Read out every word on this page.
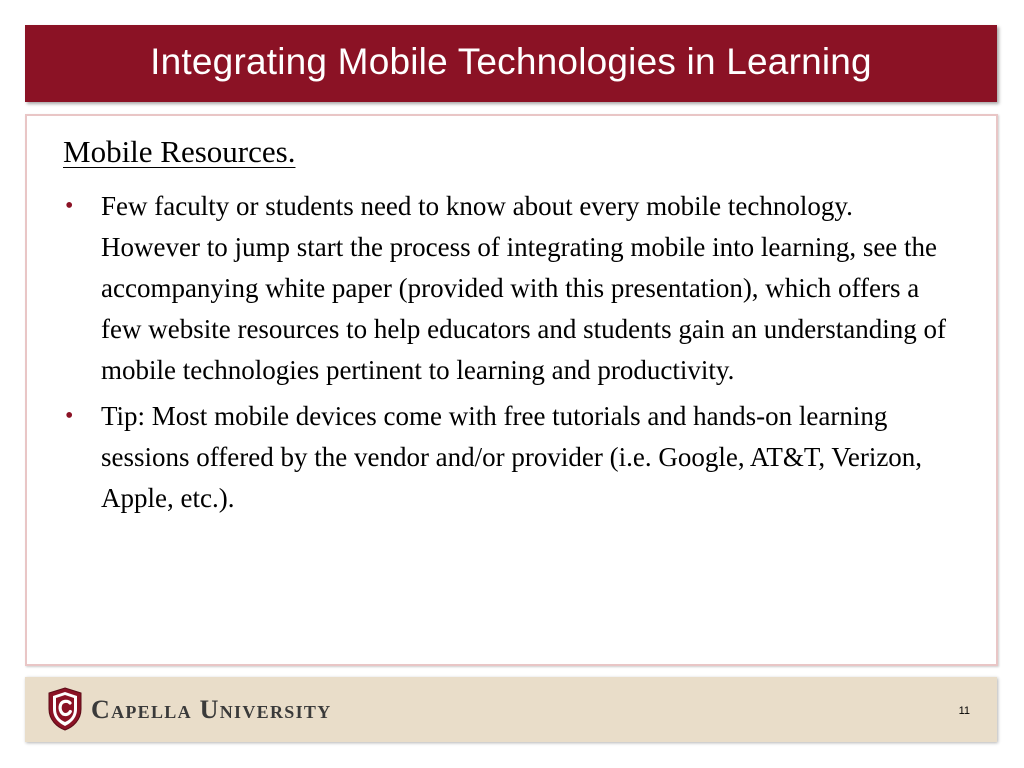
Integrating Mobile Technologies in Learning
Mobile Resources.
• Few faculty or students need to know about every mobile technology. However to jump start the process of integrating mobile into learning, see the accompanying white paper (provided with this presentation), which offers a few website resources to help educators and students gain an understanding of mobile technologies pertinent to learning and productivity.
• Tip: Most mobile devices come with free tutorials and hands-on learning sessions offered by the vendor and/or provider (i.e. Google, AT&T, Verizon, Apple, etc.).
Capella University	11
